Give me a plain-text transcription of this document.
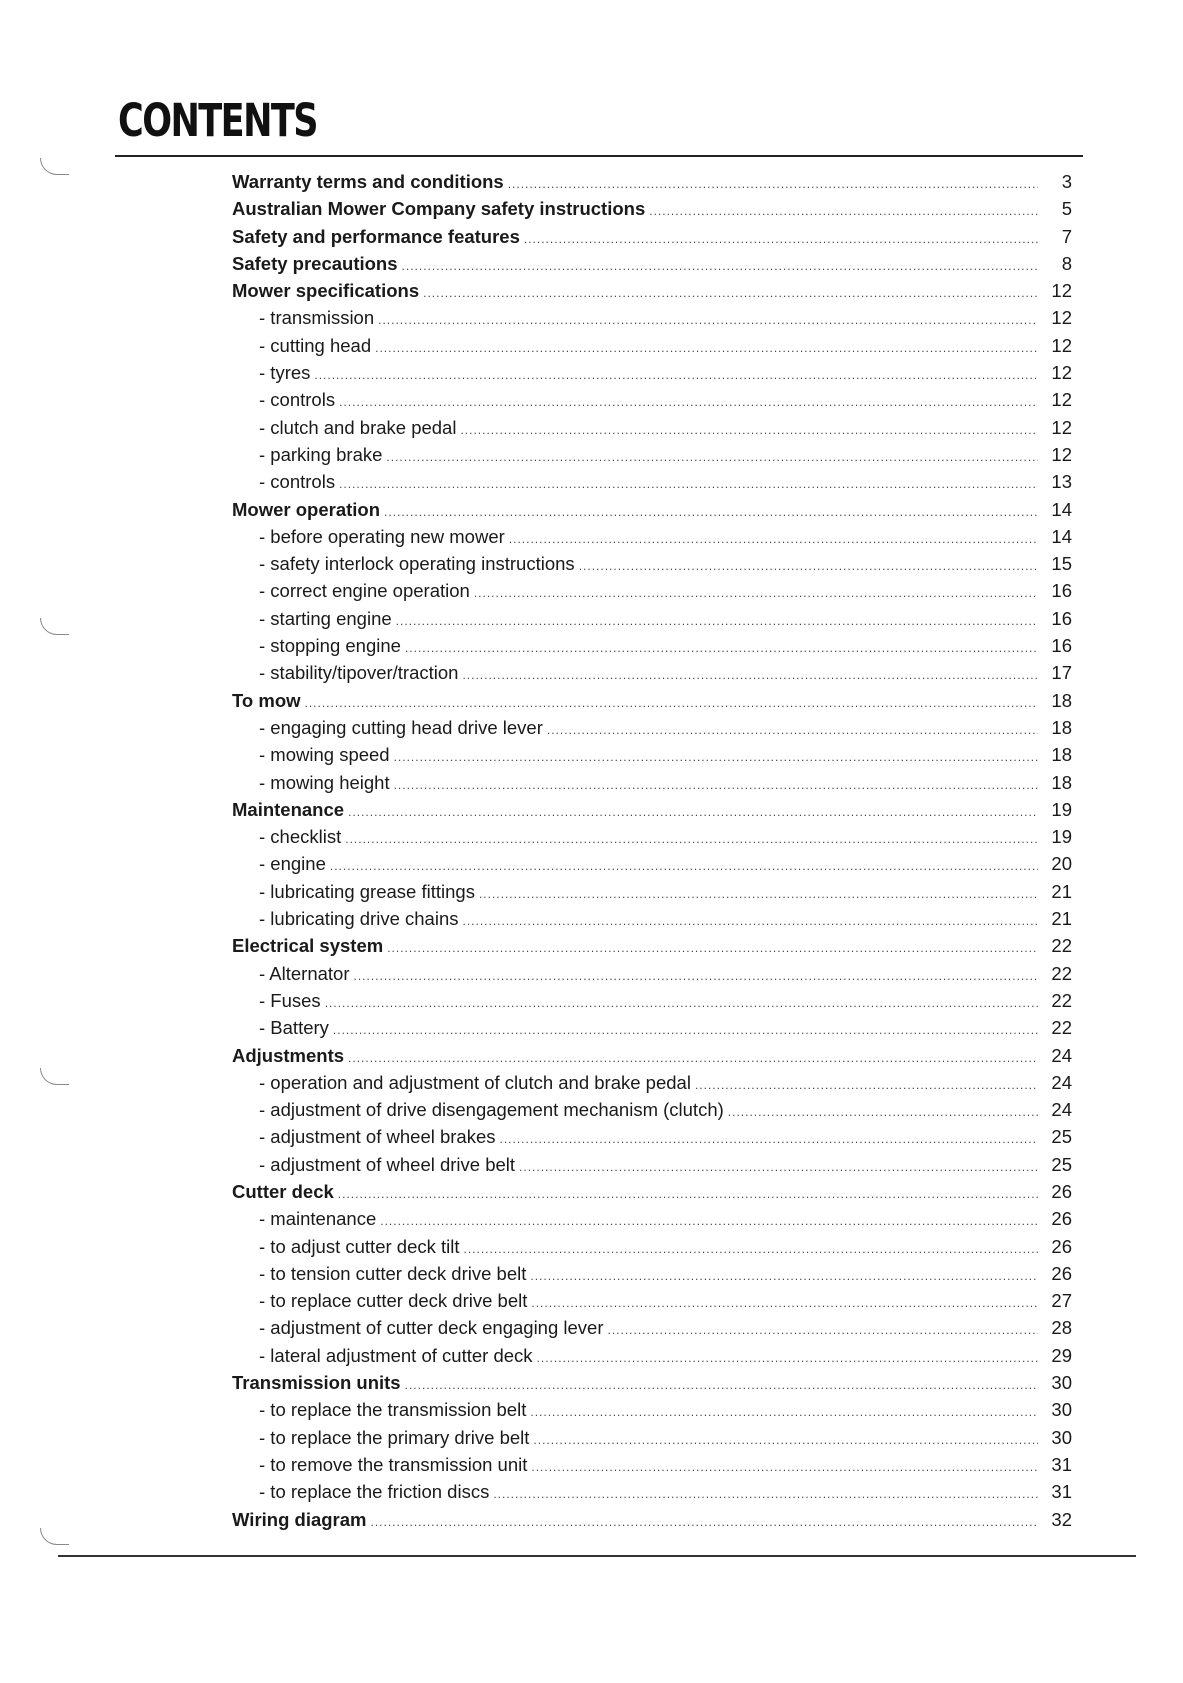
CONTENTS
Warranty terms and conditions .....	3
Australian Mower Company safety instructions .....	5
Safety and performance features .....	7
Safety precautions .....	8
Mower specifications .....	12
- transmission .....	12
- cutting head .....	12
- tyres .....	12
- controls .....	12
- clutch and brake pedal .....	12
- parking brake .....	12
- controls .....	13
Mower operation .....	14
- before operating new mower .....	14
- safety interlock operating instructions .....	15
- correct engine operation .....	16
- starting engine .....	16
- stopping engine .....	16
- stability/tipover/traction .....	17
To mow .....	18
- engaging cutting head drive lever .....	18
- mowing speed .....	18
- mowing height .....	18
Maintenance .....	19
- checklist .....	19
- engine .....	20
- lubricating grease fittings .....	21
- lubricating drive chains .....	21
Electrical system .....	22
- Alternator .....	22
- Fuses .....	22
- Battery .....	22
Adjustments .....	24
- operation and adjustment of clutch and brake pedal .....	24
- adjustment of drive disengagement mechanism (clutch) .....	24
- adjustment of wheel brakes .....	25
- adjustment of wheel drive belt .....	25
Cutter deck .....	26
- maintenance .....	26
- to adjust cutter deck tilt .....	26
- to tension cutter deck drive belt .....	26
- to replace cutter deck drive belt .....	27
- adjustment of cutter deck engaging lever .....	28
- lateral adjustment of cutter deck .....	29
Transmission units .....	30
- to replace the transmission belt .....	30
- to replace the primary drive belt .....	30
- to remove the transmission unit .....	31
- to replace the friction discs .....	31
Wiring diagram .....	32
